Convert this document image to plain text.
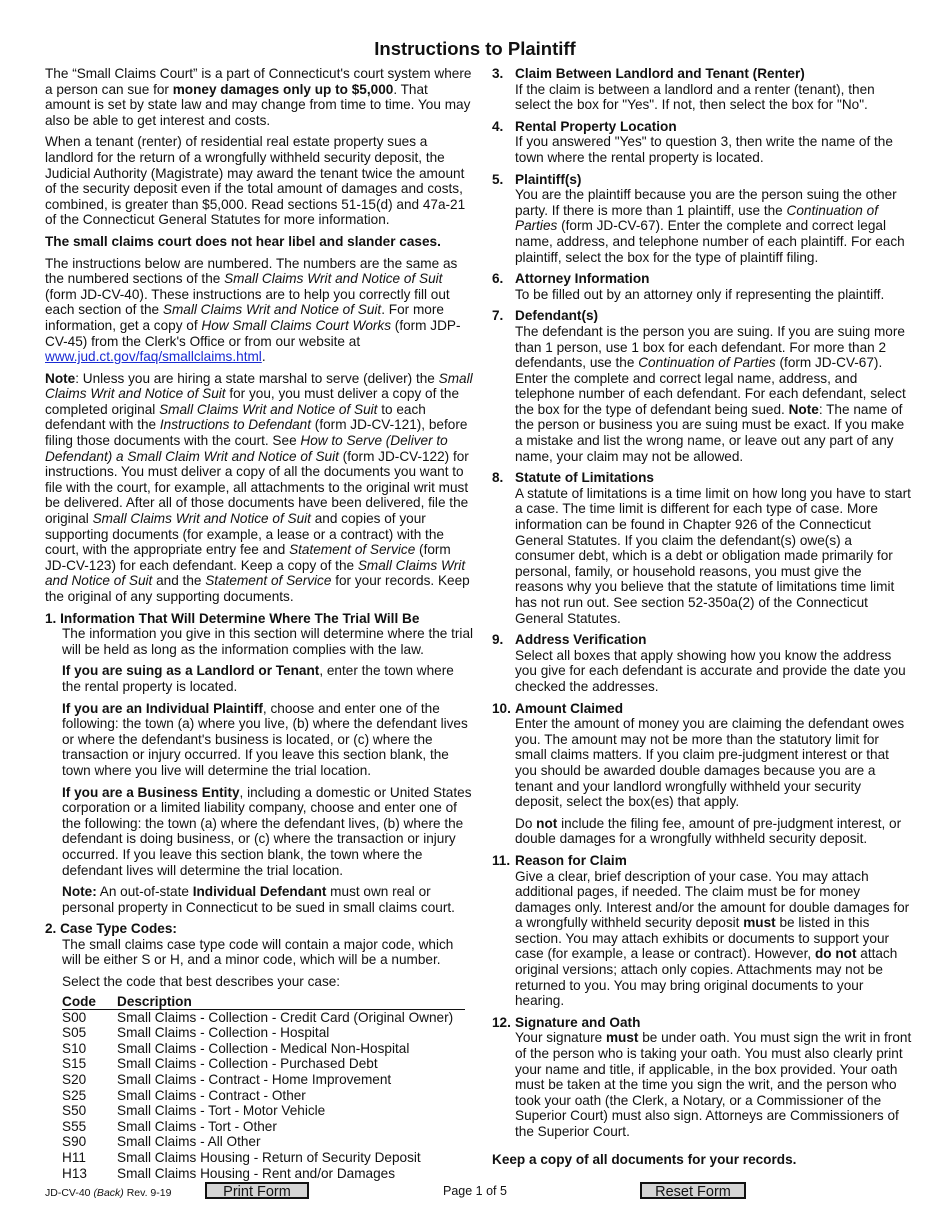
Instructions to Plaintiff

The “Small Claims Court” is a part of Connecticut's court system where a person can sue for money damages only up to $5,000. That amount is set by state law and may change from time to time. You may also be able to get interest and costs.

When a tenant (renter) of residential real estate property sues a landlord for the return of a wrongfully withheld security deposit, the Judicial Authority (Magistrate) may award the tenant twice the amount of the security deposit even if the total amount of damages and costs, combined, is greater than $5,000. Read sections 51-15(d) and 47a-21 of the Connecticut General Statutes for more information.

The small claims court does not hear libel and slander cases.

The instructions below are numbered. The numbers are the same as the numbered sections of the Small Claims Writ and Notice of Suit (form JD-CV-40). These instructions are to help you correctly fill out each section of the Small Claims Writ and Notice of Suit. For more information, get a copy of How Small Claims Court Works (form JDP-CV-45) from the Clerk's Office or from our website at www.jud.ct.gov/faq/smallclaims.html.

Note: Unless you are hiring a state marshal to serve (deliver) the Small Claims Writ and Notice of Suit for you, you must deliver a copy of the completed original Small Claims Writ and Notice of Suit to each defendant with the Instructions to Defendant (form JD-CV-121), before filing those documents with the court. See How to Serve (Deliver to Defendant) a Small Claim Writ and Notice of Suit (form JD-CV-122) for instructions. You must deliver a copy of all the documents you want to file with the court, for example, all attachments to the original writ must be delivered. After all of those documents have been delivered, file the original Small Claims Writ and Notice of Suit and copies of your supporting documents (for example, a lease or a contract) with the court, with the appropriate entry fee and Statement of Service (form JD-CV-123) for each defendant. Keep a copy of the Small Claims Writ and Notice of Suit and the Statement of Service for your records. Keep the original of any supporting documents.

1. Information That Will Determine Where The Trial Will Be

The information you give in this section will determine where the trial will be held as long as the information complies with the law.

If you are suing as a Landlord or Tenant, enter the town where the rental property is located.

If you are an Individual Plaintiff, choose and enter one of the following: the town (a) where you live, (b) where the defendant lives or where the defendant's business is located, or (c) where the transaction or injury occurred. If you leave this section blank, the town where you live will determine the trial location.

If you are a Business Entity, including a domestic or United States corporation or a limited liability company, choose and enter one of the following: the town (a) where the defendant lives, (b) where the defendant is doing business, or (c) where the transaction or injury occurred. If you leave this section blank, the town where the defendant lives will determine the trial location.

Note: An out-of-state Individual Defendant must own real or personal property in Connecticut to be sued in small claims court.

2. Case Type Codes:

The small claims case type code will contain a major code, which will be either S or H, and a minor code, which will be a number.

Select the code that best describes your case:

Code	Description
S00	Small Claims - Collection - Credit Card (Original Owner)
S05	Small Claims - Collection - Hospital
S10	Small Claims - Collection - Medical Non-Hospital
S15	Small Claims - Collection - Purchased Debt
S20	Small Claims - Contract - Home Improvement
S25	Small Claims - Contract - Other
S50	Small Claims - Tort - Motor Vehicle
S55	Small Claims - Tort - Other
S90	Small Claims - All Other
H11	Small Claims Housing - Return of Security Deposit
H13	Small Claims Housing - Rent and/or Damages

3. Claim Between Landlord and Tenant (Renter)

If the claim is between a landlord and a renter (tenant), then select the box for "Yes". If not, then select the box for "No".

4. Rental Property Location

If you answered "Yes" to question 3, then write the name of the town where the rental property is located.

5. Plaintiff(s)

You are the plaintiff because you are the person suing the other party. If there is more than 1 plaintiff, use the Continuation of Parties (form JD-CV-67). Enter the complete and correct legal name, address, and telephone number of each plaintiff. For each plaintiff, select the box for the type of plaintiff filing.

6. Attorney Information

To be filled out by an attorney only if representing the plaintiff.

7. Defendant(s)

The defendant is the person you are suing. If you are suing more than 1 person, use 1 box for each defendant. For more than 2 defendants, use the Continuation of Parties (form JD-CV-67). Enter the complete and correct legal name, address, and telephone number of each defendant. For each defendant, select the box for the type of defendant being sued. Note: The name of the person or business you are suing must be exact. If you make a mistake and list the wrong name, or leave out any part of any name, your claim may not be allowed.

8. Statute of Limitations

A statute of limitations is a time limit on how long you have to start a case. The time limit is different for each type of case. More information can be found in Chapter 926 of the Connecticut General Statutes. If you claim the defendant(s) owe(s) a consumer debt, which is a debt or obligation made primarily for personal, family, or household reasons, you must give the reasons why you believe that the statute of limitations time limit has not run out. See section 52-350a(2) of the Connecticut General Statutes.

9. Address Verification

Select all boxes that apply showing how you know the address you give for each defendant is accurate and provide the date you checked the addresses.

10. Amount Claimed

Enter the amount of money you are claiming the defendant owes you. The amount may not be more than the statutory limit for small claims matters. If you claim pre-judgment interest or that you should be awarded double damages because you are a tenant and your landlord wrongfully withheld your security deposit, select the box(es) that apply.

Do not include the filing fee, amount of pre-judgment interest, or double damages for a wrongfully withheld security deposit.

11. Reason for Claim

Give a clear, brief description of your case. You may attach additional pages, if needed. The claim must be for money damages only. Interest and/or the amount for double damages for a wrongfully withheld security deposit must be listed in this section. You may attach exhibits or documents to support your case (for example, a lease or contract). However, do not attach original versions; attach only copies. Attachments may not be returned to you. You may bring original documents to your hearing.

12. Signature and Oath

Your signature must be under oath. You must sign the writ in front of the person who is taking your oath. You must also clearly print your name and title, if applicable, in the box provided. Your oath must be taken at the time you sign the writ, and the person who took your oath (the Clerk, a Notary, or a Commissioner of the Superior Court) must also sign. Attorneys are Commissioners of the Superior Court.

Keep a copy of all documents for your records.

JD-CV-40 (Back) Rev. 9-19	Print Form	Page 1 of 5	Reset Form
